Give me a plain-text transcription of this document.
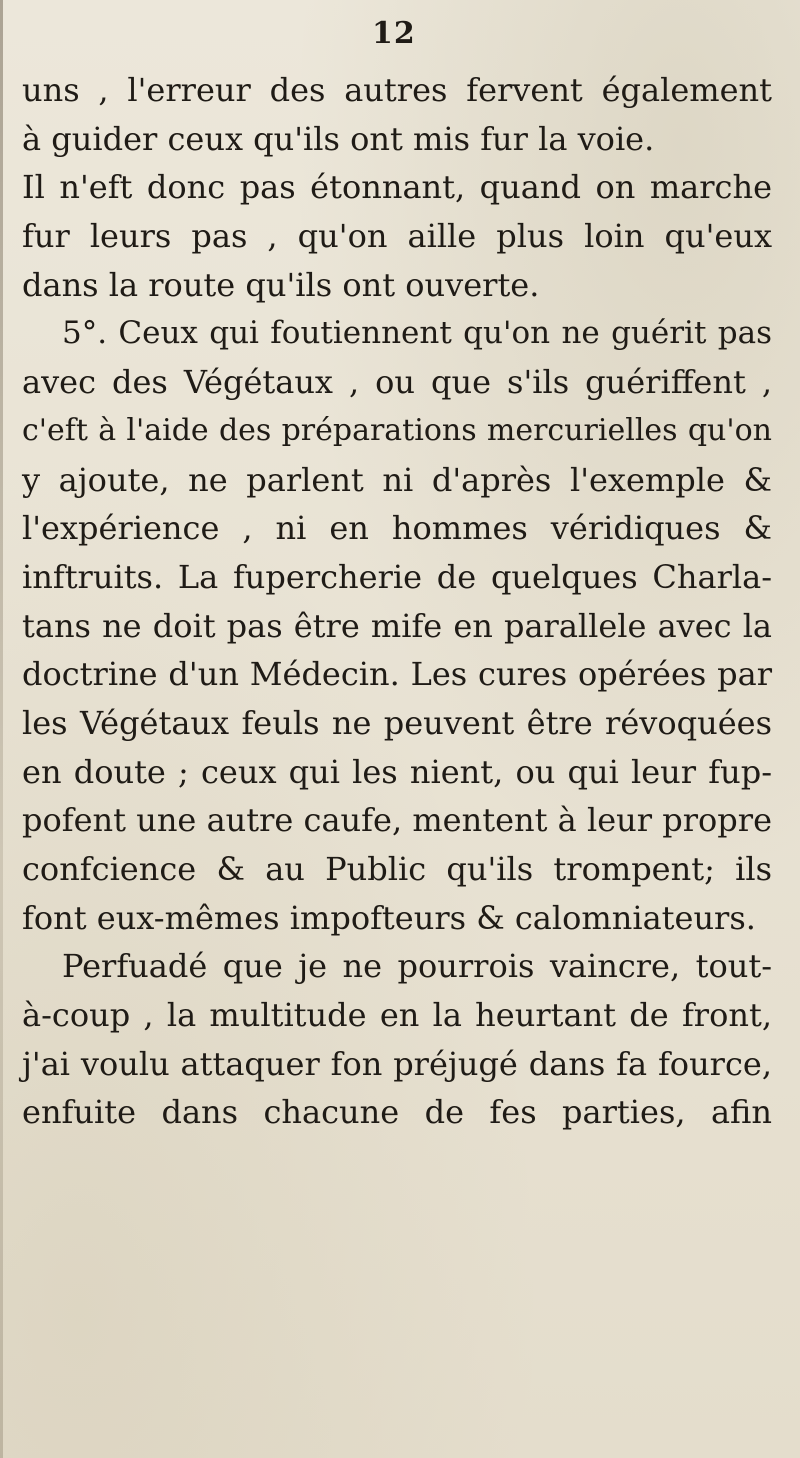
12
uns , l'erreur des autres fervent également
à guider ceux qu'ils ont mis fur la voie.
Il n'eft donc pas étonnant, quand on marche
fur leurs pas , qu'on aille plus loin qu'eux
dans la route qu'ils ont ouverte.
5°. Ceux qui foutiennent qu'on ne guérit pas
avec des Végétaux , ou que s'ils guériffent ,
c'eft à l'aide des préparations mercurielles qu'on
y ajoute, ne parlent ni d'après l'exemple &
l'expérience , ni en hommes véridiques &
inftruits. La fupercherie de quelques Charla-
tans ne doit pas être mife en parallele avec la
doctrine d'un Médecin. Les cures opérées par
les Végétaux feuls ne peuvent être révoquées
en doute ; ceux qui les nient, ou qui leur fup-
pofent une autre caufe, mentent à leur propre
confcience & au Public qu'ils trompent; ils
font eux-mêmes impofteurs & calomniateurs.
Perfuadé que je ne pourrois vaincre, tout-
à-coup , la multitude en la heurtant de front,
j'ai voulu attaquer fon préjugé dans fa fource,
enfuite dans chacune de fes parties, afin
